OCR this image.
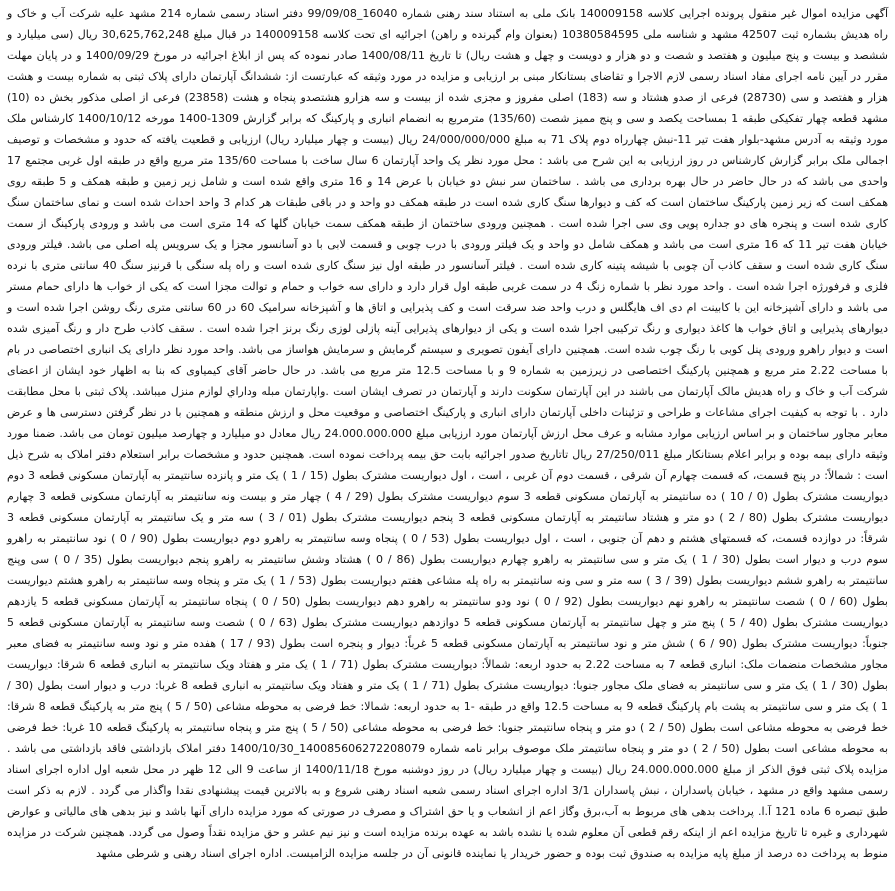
آگهی مزایده اموال غیر منقول پرونده اجرایی کلاسه 140009158 بانک ملی به استناد سند رهنی شماره 16040_99/09/08 دفتر اسناد رسمی شماره 214 مشهد علیه شرکت آب و خاک و راه هدیش بشماره ثبت 42507 مشهد و شناسه ملی 10380584595 (بعنوان وام گیرنده و راهن) اجرائیه ای تحت کلاسه 140009158 در قبال مبلغ 30,625,762,248 ریال (سی میلیارد و ششصد و بیست و پنج میلیون و هفتصد و شصت و دو هزار و دویست و چهل و هشت ریال) تا تاریخ 1400/08/11 صادر نموده که پس از ابلاغ اجرائیه در مورخ 1400/09/29 و در پایان مهلت مقرر در آیین نامه اجرای مفاد اسناد رسمی لازم الاجرا و تقاضای بستانکار مبنی بر ارزیابی و مزایده در مورد وثیقه که عبارتست از: ششدانگ آپارتمان دارای پلاک ثبتی به شماره بیست و هشت هزار و هفتصد و سی (28730) فرعی از صدو هشتاد و سه (183) اصلی مفروز و مجزی شده از بیست و سه هزارو هشتصدو پنجاه و هشت (23858) فرعی از اصلی مذکور بخش ده (10) مشهد قطعه چهار تفکیکی طبقه 1 بمساحت یکصد و سی و پنج ممیز شصت (135/60) مترمربع به انضمام انباری و پارکینگ که برابر گزارش 1309-1400 مورخه 1400/10/12 کارشناس ملک مورد وثیقه به آدرس مشهد-بلوار هفت تیر 11-نبش چهارراه دوم پلاک 71 به مبلغ 24/000/000/000 ریال (بیست و چهار میلیارد ریال) ارزیابی و قطعیت یافته که حدود و مشخصات و توصیف اجمالی ملک برابر گزارش کارشناس در روز ارزیابی به این شرح می باشد : محل مورد نظر یک واحد آپارتمان 6 سال ساخت با مساحت 135/60 متر مربع واقع در طبقه اول غربی مجتمع 17 واحدی می باشد که در حال حاضر در حال بهره برداری می باشد . ساختمان سر نبش دو خیابان با عرض 14 و 16 متری واقع شده است و شامل زیر زمین و طبقه همکف و 5 طبقه روی همکف است که زیر زمین پارکینگ ساختمان است که کف و دیوارها سنگ کاری شده است در طبقه همکف دو واحد و در باقی طبقات هر کدام 3 واحد احداث شده است و نمای ساختمان سنگ کاری شده است و پنجره های دو جداره پویی وی سی اجرا شده است . همچنین ورودی ساختمان از طبقه همکف سمت خیابان گلها که 14 متری است می باشد و ورودی پارکینگ از سمت خیابان هفت تیر 11 که 16 متری است می باشد و همکف شامل دو واحد و یک فیلتر ورودی با درب چوبی و قسمت لابی با دو آسانسور مجزا و یک سرویس پله اصلی می باشد. فیلتر ورودی سنگ کاری شده است و سقف کاذب آن چوبی با شیشه پتینه کاری شده است . فیلتر آسانسور در طبقه اول نیز سنگ کاری شده است و راه پله سنگی با قرنیز سنگ 40 سانتی متری با نرده فلزی و فرفورژه اجرا شده است . واحد مورد نظر با شماره زنگ 4 در سمت غربی طبقه اول قرار دارد و دارای سه خواب و حمام و توالت مجزا است که یکی از خواب ها دارای حمام مستر می باشد و دارای آشپزخانه این با کابینت ام دی اف هایگلس و درب واحد ضد سرقت است و کف پذیرایی و اتاق ها و آشپزخانه سرامیک 60 در 60 سانتی متری رنگ روشن اجرا شده است و دیوارهای پذیرایی و اتاق خواب ها کاغذ دیواری و رنگ ترکیبی اجرا شده است و یکی از دیوارهای پذیرایی آینه پازلی لوزی رنگ برنز اجرا شده است . سقف کاذب طرح دار و رنگ آمیزی شده است و دیوار راهرو ورودی پنل کوبی با رنگ چوب شده است. همچنین دارای آیفون تصویری و سیستم گرمایش و سرمایش هواساز می باشد. واحد مورد نظر دارای یک انباری اختصاصی در بام با مساحت 2.22 متر مربع و همچنین پارکینگ اختصاصی در زیرزمین به شماره 9 و با مساحت 12.5 متر مربع می باشد. در حال حاضر آقای کیمیاوی که بنا به اظهار خود ایشان از اعضای شرکت آب و خاک و راه هدیش مالک آپارتمان می باشند در این آپارتمان سکونت دارند و آپارتمان در تصرف ایشان است .واپارتمان مبله وداراي لوازم منزل ميباشد. پلاک ثبتی با محل مطابقت دارد . با توجه به کیفیت اجرای مشاعات و طراحی و تزئینات داخلی آپارتمان دارای انباری و پارکینگ اختصاصی و موقعیت محل و ارزش منطقه و همچنین با در نظر گرفتن دسترسی ها و عرض معابر مجاور ساختمان و بر اساس ارزیابی موارد مشابه و عرف محل ارزش آپارتمان مورد ارزیابی مبلغ 24.000.000.000 ریال معادل دو میلیارد و چهارصد میلیون تومان می باشد. ضمنا مورد وثیقه دارای بیمه بوده و برابر اعلام بستانکار مبلغ 27/250/011 ریال تاتاریخ صدور اجرائیه بابت حق بیمه پرداخت نموده است. همچنین حدود و مشخصات برابر استعلام دفتر املاک به شرح ذیل است : شمالاً: در پنج قسمت، که قسمت چهارم آن شرقی ، قسمت دوم آن غربی ، است ، اول دیواریست مشترک بطول (15 / 1 ) یک متر و پانزده سانتیمتر به آپارتمان مسکونی قطعه 3 دوم دیواریست مشترک بطول (0 / 10 ) ده سانتیمتر به آپارتمان مسکونی قطعه 3 سوم دیواریست مشترک بطول (29 / 4 ) چهار متر و بیست ونه سانتیمتر به آپارتمان مسکونی قطعه 3 چهارم دیواریست مشترک بطول (80 / 2 ) دو متر و هشتاد سانتیمتر به آپارتمان مسکونی قطعه 3 پنجم دیواریست مشترک بطول (01 / 3 ) سه متر و یک سانتیمتر به آپارتمان مسکونی قطعه 3 شرقاً: در دوازده قسمت، که قسمتهای هشتم و دهم آن جنوبی ، است ، اول دیواریست بطول (53 / 0 ) پنجاه وسه سانتیمتر به راهرو دوم دیواریست بطول (90 / 0 ) نود سانتیمتر به راهرو سوم درب و دیوار است بطول (30 / 1 ) یک متر و سی سانتیمتر به راهرو چهارم دیواریست بطول (86 / 0 ) هشتاد وشش سانتیمتر به راهرو پنجم دیواریست بطول (35 / 0 ) سی وپنج سانتیمتر به راهرو ششم دیواریست بطول (39 / 3 ) سه متر و سی ونه سانتیمتر به راه پله مشاعی هفتم دیواریست بطول (53 / 1 ) یک متر و پنجاه وسه سانتیمتر به راهرو هشتم دیواریست بطول (60 / 0 ) شصت سانتیمتر به راهرو نهم دیواریست بطول (92 / 0 ) نود ودو سانتیمتر به راهرو دهم دیواریست بطول (50 / 0 ) پنجاه سانتیمتر به آپارتمان مسکونی قطعه 5 یازدهم دیواریست مشترک بطول (40 / 5 ) پنج متر و چهل سانتیمتر به آپارتمان مسکونی قطعه 5 دوازدهم دیواریست مشترک بطول (63 / 0 ) شصت وسه سانتیمتر به آپارتمان مسکونی قطعه 5 جنوباً: دیواریست مشترک بطول (90 / 6 ) شش متر و نود سانتیمتر به آپارتمان مسکونی قطعه 5 غرباً: دیوار و پنجره است بطول (93 / 17 ) هفده متر و نود وسه سانتیمتر به فضای معبر مجاور مشخصات منضمات ملک: انباری قطعه 7 به مساحت 2.22 به حدود اربعه: شمالاً: دیواریست مشترک بطول (71 / 1 ) یک متر و هفتاد ویک سانتیمتر به انباری قطعه 6 شرقا: دیواریست بطول (30 / 1 ) یک متر و سی سانتیمتر به فضای ملک مجاور جنوبا: دیواریست مشترک بطول (71 / 1 ) یک متر و هفتاد ویک سانتیمتر به انباری قطعه 8 غربا: درب و دیوار است بطول (30 / 1 ) یک متر و سی سانتیمتر به پشت بام پارکینگ قطعه 9 به مساحت 12.5 واقع در طبقه -1 به حدود اربعه: شمالا: خط فرضی به محوطه مشاعی (50 / 5 ) پنج متر به پارکینگ قطعه 8 شرقا: خط فرضی به محوطه مشاعی است بطول (50 / 2 ) دو متر و پنجاه سانتیمتر جنوبا: خط فرضی به محوطه مشاعی (50 / 5 ) پنج متر و پنجاه سانتیمتر به پارکینگ قطعه 10 غربا: خط فرضی به محوطه مشاعی است بطول (50 / 2 ) دو متر و پنجاه سانتیمتر ملک موصوف برابر نامه شماره 140085606272208079_1400/10/30 دفتر املاک بازداشتی فاقد بازداشتی می باشد . مزایده پلاک ثبتی فوق الذکر از مبلغ 24.000.000.000 ریال (بیست و چهار میلیارد ریال) در روز دوشنبه مورخ 1400/11/18 از ساعت 9 الی 12 ظهر در محل شعبه اول اداره اجرای اسناد رسمی مشهد واقع در مشهد ، خیابان پاسداران ، نبش پاسداران 3/1 اداره اجرای اسناد رسمی شعبه اسناد رهنی شروع و به بالاترین قیمت پیشنهادی نقدا واگذار می گردد . لازم به ذکر است طبق تبصره 6 ماده 121 آ.ا. پرداخت بدهی های مربوط به آب،برق وگاز اعم از انشعاب و یا حق اشتراک و مصرف در صورتی که مورد مزایده دارای آنها باشد و نیز بدهی های مالیاتی و عوارض شهرداری و غیره تا تاریخ مزایده اعم از اینکه رقم قطعی آن معلوم شده یا نشده باشد به عهده برنده مزایده است و نیز نیم عشر و حق مزایده نقداً وصول می گردد. همچنین شرکت در مزایده منوط به پرداخت ده درصد از مبلغ پایه مزایده به صندوق ثبت بوده و حضور خریدار یا نماینده قانونی آن در جلسه مزایده الزامیست. اداره اجرای اسناد رهنی و شرطی مشهد
